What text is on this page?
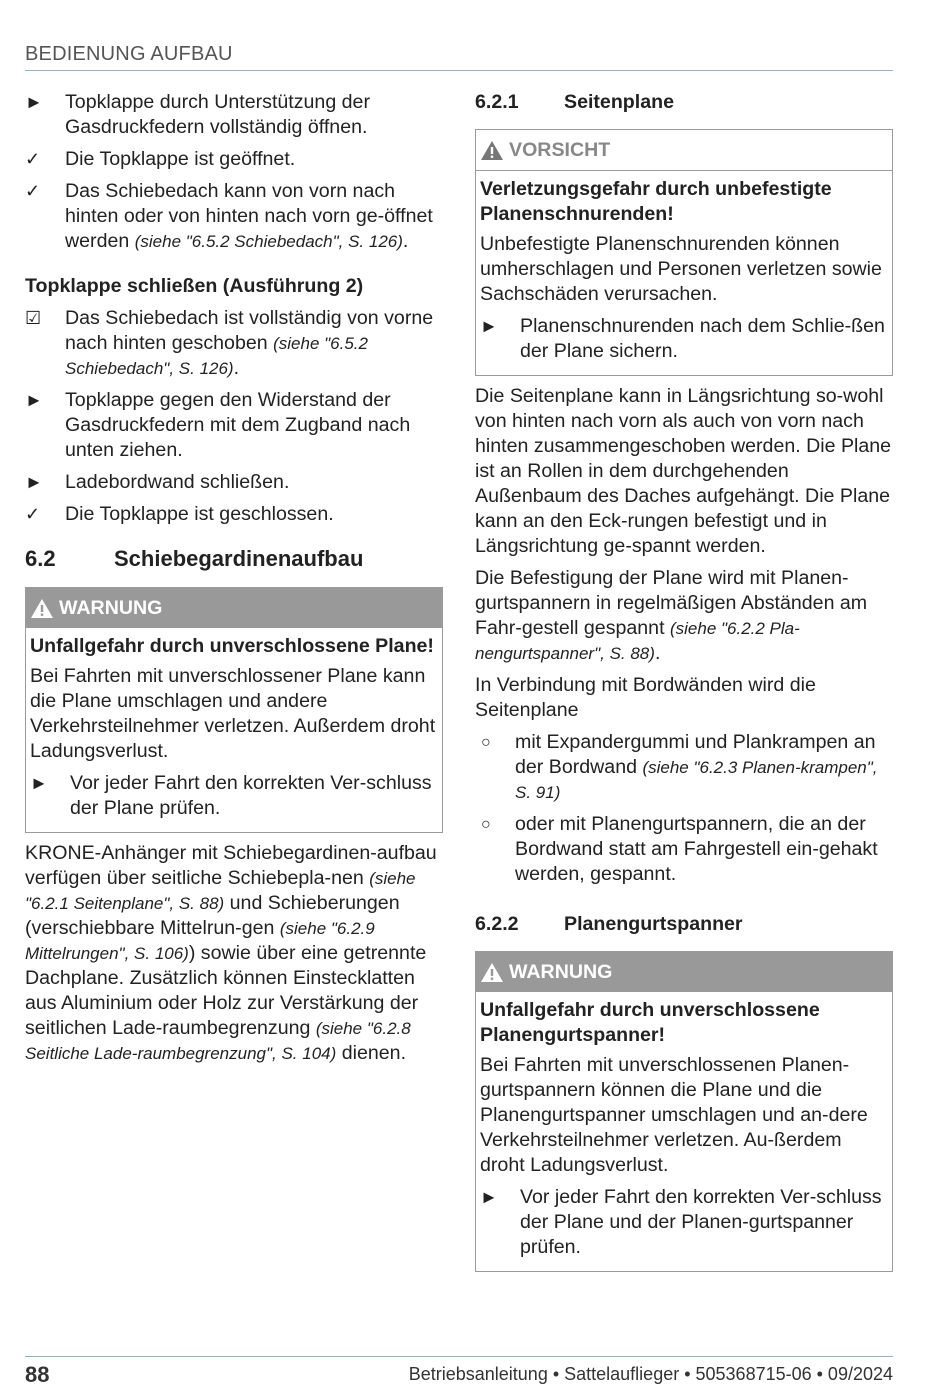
BEDIENUNG AUFBAU
►	Topklappe durch Unterstützung der Gasdruckfedern vollständig öffnen.
✓	Die Topklappe ist geöffnet.
✓	Das Schiebedach kann von vorn nach hinten oder von hinten nach vorn ge-öffnet werden (siehe "6.5.2 Schiebedach", S. 126).
Topklappe schließen (Ausführung 2)
☑	Das Schiebedach ist vollständig von vorne nach hinten geschoben (siehe "6.5.2 Schiebedach", S. 126).
►	Topklappe gegen den Widerstand der Gasdruckfedern mit dem Zugband nach unten ziehen.
►	Ladebordwand schließen.
✓	Die Topklappe ist geschlossen.
6.2	Schiebegardinenaufbau
WARNUNG
Unfallgefahr durch unverschlossene Plane!
Bei Fahrten mit unverschlossener Plane kann die Plane umschlagen und andere Verkehrsteilnehmer verletzen. Außerdem droht Ladungsverlust.
►	Vor jeder Fahrt den korrekten Ver-schluss der Plane prüfen.
KRONE-Anhänger mit Schiebegardinen-aufbau verfügen über seitliche Schiebepla-nen (siehe "6.2.1 Seitenplane", S. 88) und Schieberungen (verschiebbare Mittelrun-gen (siehe "6.2.9 Mittelrungen", S. 106)) sowie über eine getrennte Dachplane. Zusätzlich können Einstecklatten aus Aluminium oder Holz zur Verstärkung der seitlichen Lade-raumbegrenzung (siehe "6.2.8 Seitliche Lade-raumbegrenzung", S. 104) dienen.
6.2.1	Seitenplane
VORSICHT
Verletzungsgefahr durch unbefestigte Planenschnurenden!
Unbefestigte Planenschnurenden können umherschlagen und Personen verletzen sowie Sachschäden verursachen.
►	Planenschnurenden nach dem Schlie-ßen der Plane sichern.
Die Seitenplane kann in Längsrichtung so-wohl von hinten nach vorn als auch von vorn nach hinten zusammengeschoben werden. Die Plane ist an Rollen in dem durchgehenden Außenbaum des Daches aufgehängt. Die Plane kann an den Eck-rungen befestigt und in Längsrichtung ge-spannt werden.
Die Befestigung der Plane wird mit Planen-gurtspannern in regelmäßigen Abständen am Fahr-gestell gespannt (siehe "6.2.2 Pla-nengurtspanner", S. 88).
In Verbindung mit Bordwänden wird die Seitenplane
○	mit Expandergummi und Plankrampen an der Bordwand (siehe "6.2.3 Planen-krampen", S. 91)
○	oder mit Planengurtspannern, die an der Bordwand statt am Fahrgestell ein-gehakt werden, gespannt.
6.2.2	Planengurtspanner
WARNUNG
Unfallgefahr durch unverschlossene Planengurtspanner!
Bei Fahrten mit unverschlossenen Planen-gurtspannern können die Plane und die Planengurtspanner umschlagen und an-dere Verkehrsteilnehmer verletzen. Au-ßerdem droht Ladungsverlust.
►	Vor jeder Fahrt den korrekten Ver-schluss der Plane und der Planen-gurtspanner prüfen.
88	Betriebsanleitung • Sattelauflieger • 505368715-06 • 09/2024
